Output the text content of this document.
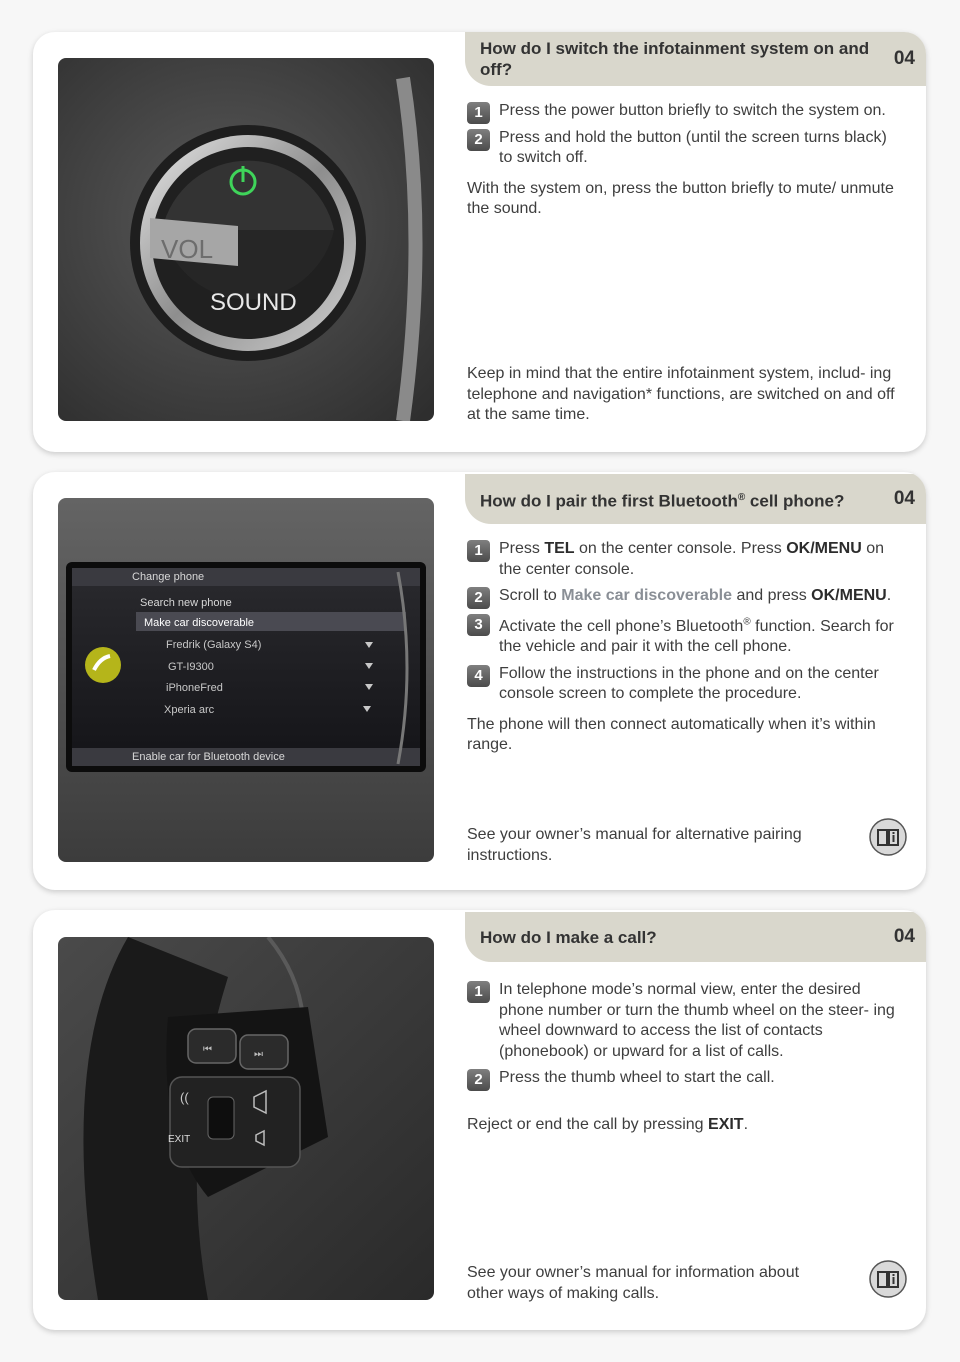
VOL
SOUND
How do I switch the infotainment system on and off?
04
1	Press the power button briefly to switch the system on.
2	Press and hold the button (until the screen turns black) to switch off.
With the system on, press the button briefly to mute/ unmute the sound.
Keep in mind that the entire infotainment system, includ- ing telephone and navigation* functions, are switched on and off at the same time.
Change phone
Search new phone
Make car discoverable
Fredrik (Galaxy S4)
GT-I9300
iPhoneFred
Xperia arc
Enable car for Bluetooth device
How do I pair the first Bluetooth® cell phone?	04
1	Press TEL on the center console. Press OK/MENU on the center console.
2	Scroll to Make car discoverable and press OK/MENU.
3	Activate the cell phone’s Bluetooth® function. Search for the vehicle and pair it with the cell phone.
4	Follow the instructions in the phone and on the center console screen to complete the procedure.
The phone will then connect automatically when it’s within range.
See your owner’s manual for alternative pairing instructions.
⏮	⏭
EXIT
((
How do I make a call?	04
1	In telephone mode’s normal view, enter the desired phone number or turn the thumb wheel on the steer- ing wheel downward to access the list of contacts (phonebook) or upward for a list of calls.
2	Press the thumb wheel to start the call.
Reject or end the call by pressing EXIT.
See your owner’s manual for information about other ways of making calls.
